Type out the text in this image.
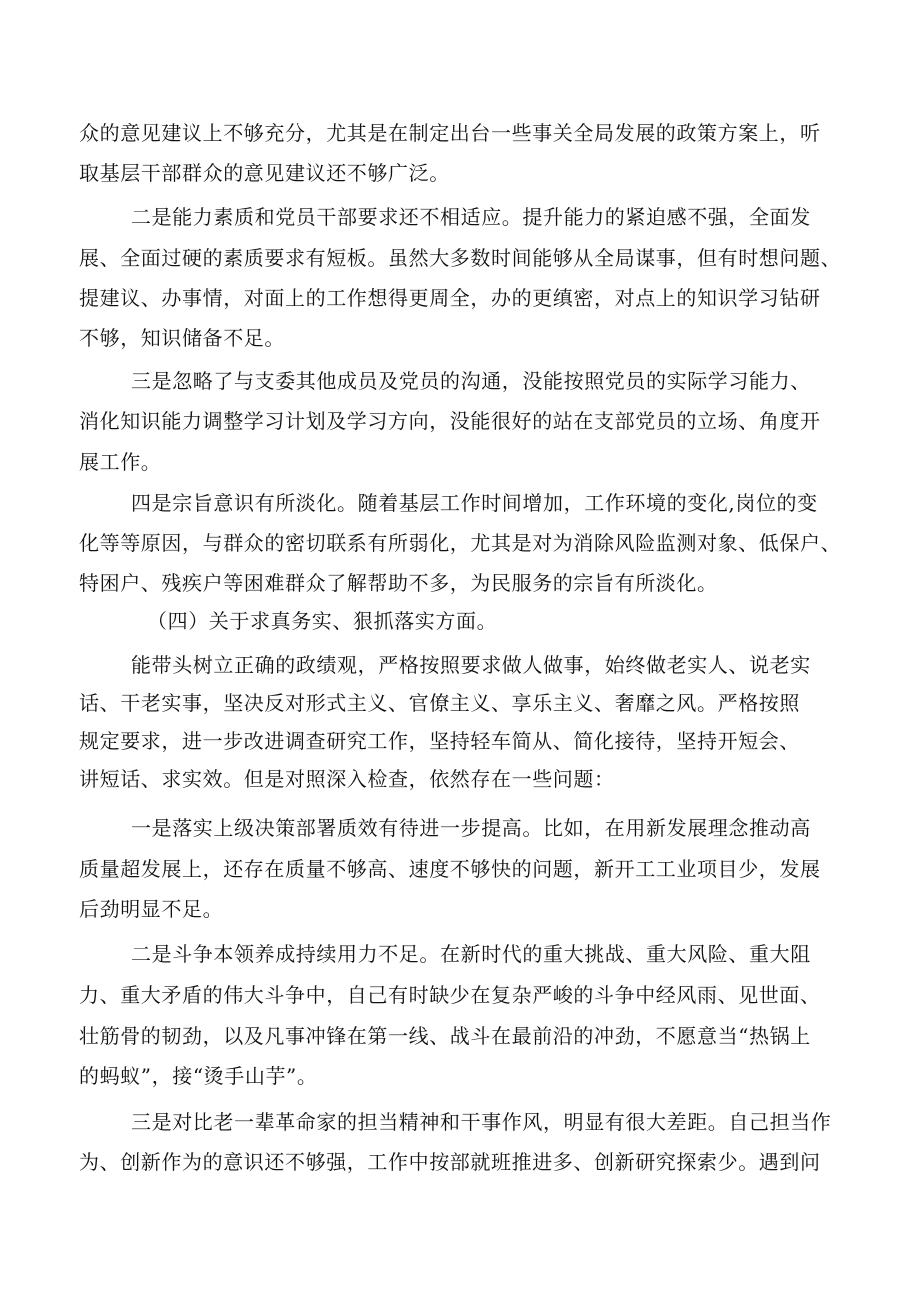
众的意见建议上不够充分，尤其是在制定出台一些事关全局发展的政策方案上，听
取基层干部群众的意见建议还不够广泛。
二是能力素质和党员干部要求还不相适应。提升能力的紧迫感不强，全面发
展、全面过硬的素质要求有短板。虽然大多数时间能够从全局谋事，但有时想问题、
提建议、办事情，对面上的工作想得更周全，办的更缜密，对点上的知识学习钻研
不够，知识储备不足。
三是忽略了与支委其他成员及党员的沟通，没能按照党员的实际学习能力、
消化知识能力调整学习计划及学习方向，没能很好的站在支部党员的立场、角度开
展工作。
四是宗旨意识有所淡化。随着基层工作时间增加，工作环境的变化,岗位的变
化等等原因，与群众的密切联系有所弱化，尤其是对为消除风险监测对象、低保户、
特困户、残疾户等困难群众了解帮助不多，为民服务的宗旨有所淡化。
（四）关于求真务实、狠抓落实方面。
能带头树立正确的政绩观，严格按照要求做人做事，始终做老实人、说老实
话、干老实事，坚决反对形式主义、官僚主义、享乐主义、奢靡之风。严格按照
规定要求，进一步改进调查研究工作，坚持轻车简从、简化接待，坚持开短会、
讲短话、求实效。但是对照深入检查，依然存在一些问题：
一是落实上级决策部署质效有待进一步提高。比如，在用新发展理念推动高
质量超发展上，还存在质量不够高、速度不够快的问题，新开工工业项目少，发展
后劲明显不足。
二是斗争本领养成持续用力不足。在新时代的重大挑战、重大风险、重大阻
力、重大矛盾的伟大斗争中，自己有时缺少在复杂严峻的斗争中经风雨、见世面、
壮筋骨的韧劲，以及凡事冲锋在第一线、战斗在最前沿的冲劲，不愿意当“热锅上
的蚂蚁”，接“烫手山芋”。
三是对比老一辈革命家的担当精神和干事作风，明显有很大差距。自己担当作
为、创新作为的意识还不够强，工作中按部就班推进多、创新研究探索少。遇到问
